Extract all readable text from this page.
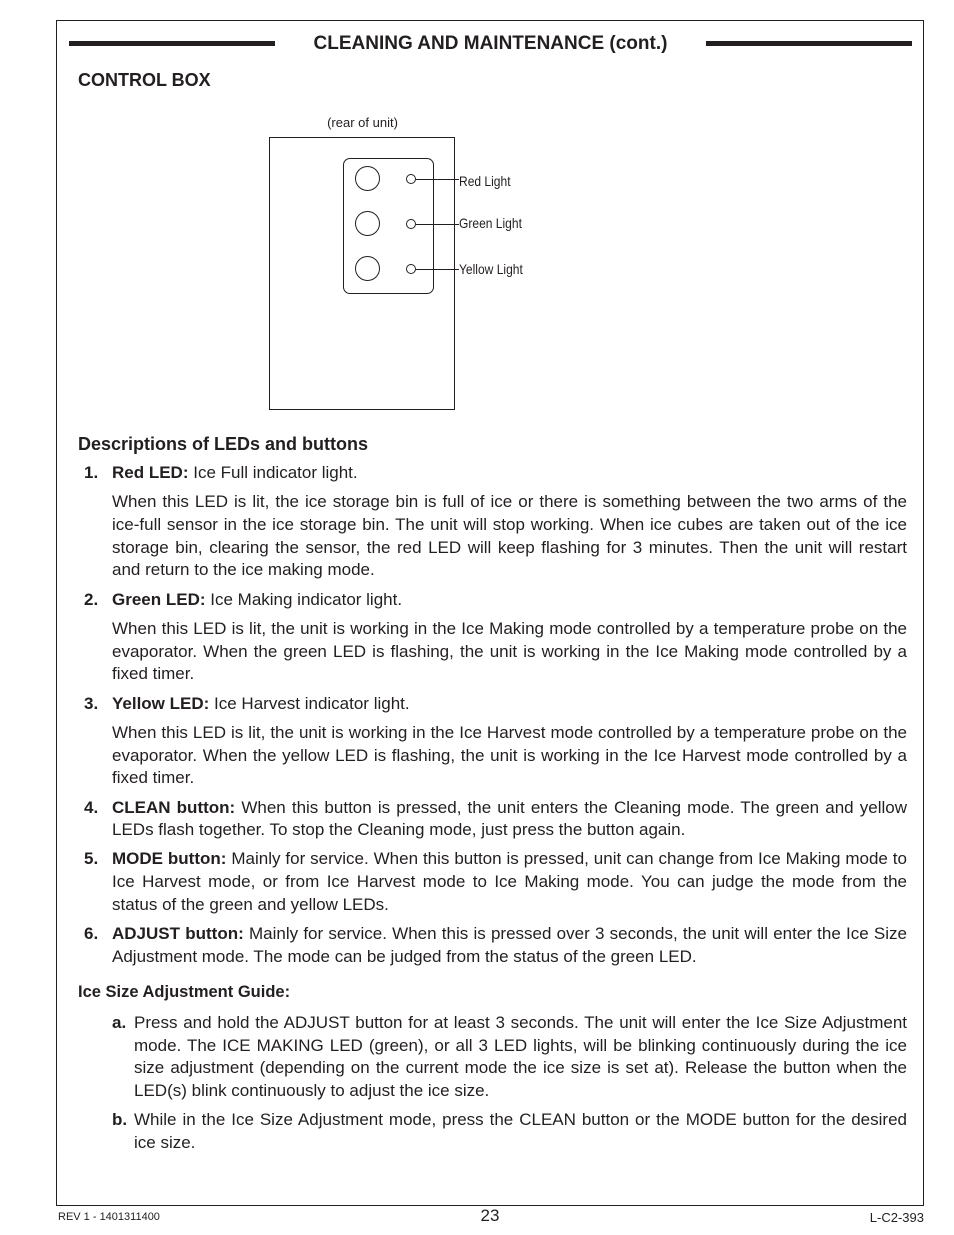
CLEANING AND MAINTENANCE (cont.)
CONTROL BOX
(rear of unit)
Red Light
Green Light
Yellow Light
Descriptions of LEDs and buttons
1. Red LED: Ice Full indicator light.

When this LED is lit, the ice storage bin is full of ice or there is something between the two arms of the ice-full sensor in the ice storage bin. The unit will stop working. When ice cubes are taken out of the ice storage bin, clearing the sensor, the red LED will keep flashing for 3 minutes. Then the unit will restart and return to the ice making mode.

2. Green LED: Ice Making indicator light.

When this LED is lit, the unit is working in the Ice Making mode controlled by a temperature probe on the evaporator. When the green LED is flashing, the unit is working in the Ice Making mode controlled by a fixed timer.

3. Yellow LED: Ice Harvest indicator light.

When this LED is lit, the unit is working in the Ice Harvest mode controlled by a temperature probe on the evaporator. When the yellow LED is flashing, the unit is working in the Ice Harvest mode controlled by a fixed timer.

4. CLEAN button: When this button is pressed, the unit enters the Cleaning mode. The green and yellow LEDs flash together. To stop the Cleaning mode, just press the button again.

5. MODE button: Mainly for service. When this button is pressed, unit can change from Ice Making mode to Ice Harvest mode, or from Ice Harvest mode to Ice Making mode. You can judge the mode from the status of the green and yellow LEDs.

6. ADJUST button: Mainly for service. When this is pressed over 3 seconds, the unit will enter the Ice Size Adjustment mode. The mode can be judged from the status of the green LED.

Ice Size Adjustment Guide:
a. Press and hold the ADJUST button for at least 3 seconds. The unit will enter the Ice Size Adjustment mode. The ICE MAKING LED (green), or all 3 LED lights, will be blinking continuously during the ice size adjustment (depending on the current mode the ice size is set at). Release the button when the LED(s) blink continuously to adjust the ice size.

b. While in the Ice Size Adjustment mode, press the CLEAN button or the MODE button for the desired ice size.

REV 1 - 1401311400	23	L-C2-393
